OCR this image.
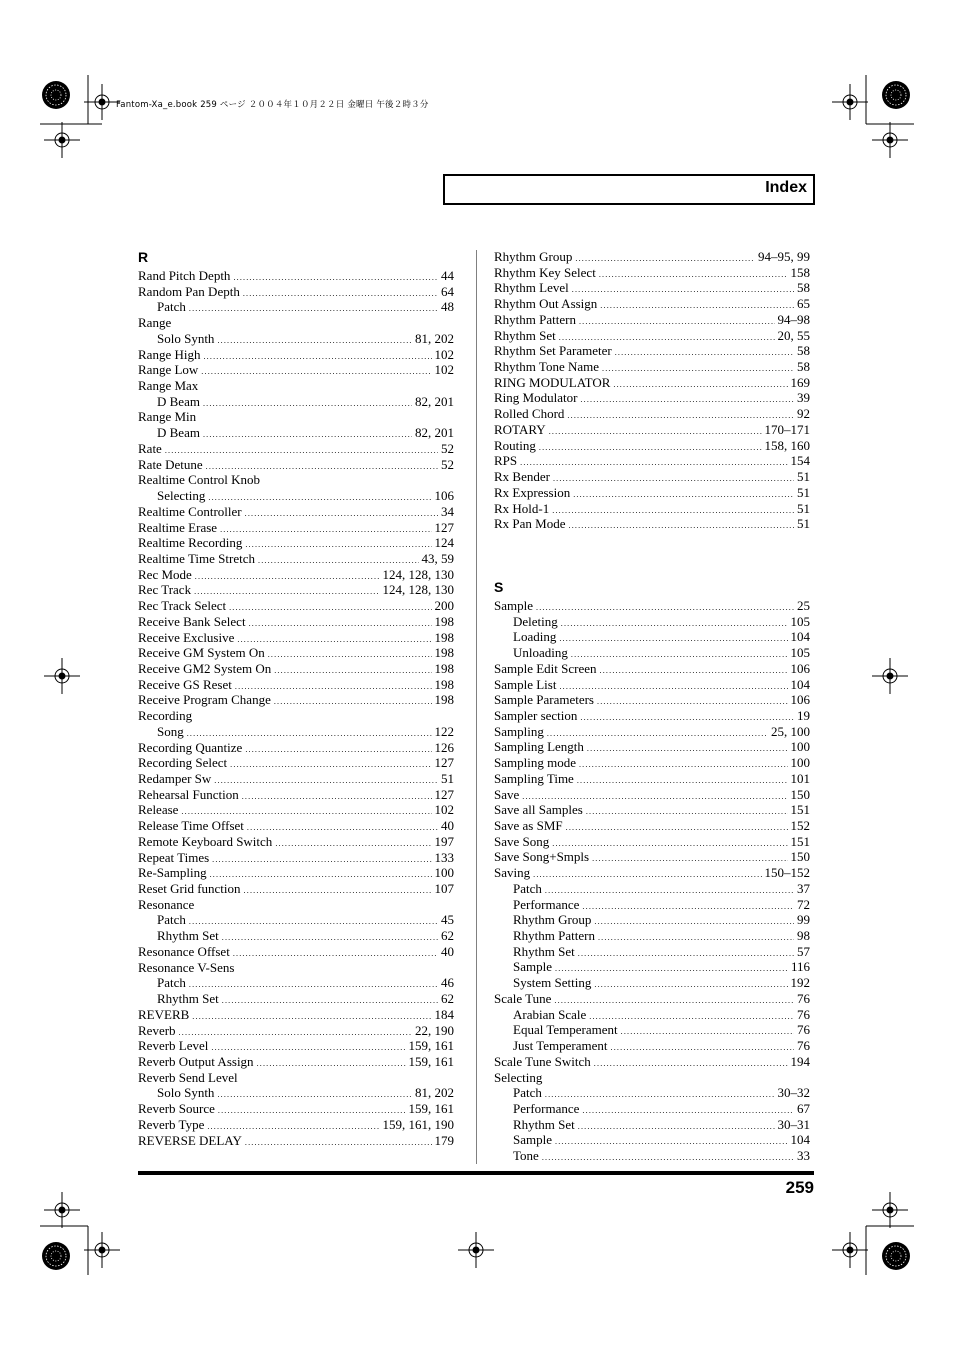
Fantom-Xa_e.book 259 ページ ２００４年１０月２２日 金曜日 午後２時３分
Index
R
Rand Pitch Depth .....	44
Random Pan Depth .....	64
Patch .....	48
Range
Solo Synth .....	81, 202
Range High .....	102
Range Low .....	102
Range Max
D Beam .....	82, 201
Range Min
D Beam .....	82, 201
Rate .....	52
Rate Detune .....	52
Realtime Control Knob
Selecting .....	106
Realtime Controller .....	34
Realtime Erase .....	127
Realtime Recording .....	124
Realtime Time Stretch .....	43, 59
Rec Mode .....	124, 128, 130
Rec Track .....	124, 128, 130
Rec Track Select .....	200
Receive Bank Select .....	198
Receive Exclusive .....	198
Receive GM System On .....	198
Receive GM2 System On .....	198
Receive GS Reset .....	198
Receive Program Change .....	198
Recording
Song .....	122
Recording Quantize .....	126
Recording Select .....	127
Redamper Sw .....	51
Rehearsal Function .....	127
Release .....	102
Release Time Offset .....	40
Remote Keyboard Switch .....	197
Repeat Times .....	133
Re-Sampling .....	100
Reset Grid function .....	107
Resonance
Patch .....	45
Rhythm Set .....	62
Resonance Offset .....	40
Resonance V-Sens
Patch .....	46
Rhythm Set .....	62
REVERB .....	184
Reverb .....	22, 190
Reverb Level .....	159, 161
Reverb Output Assign .....	159, 161
Reverb Send Level
Solo Synth .....	81, 202
Reverb Source .....	159, 161
Reverb Type .....	159, 161, 190
REVERSE DELAY .....	179
Rhythm Group .....	94–95, 99
Rhythm Key Select .....	158
Rhythm Level .....	58
Rhythm Out Assign .....	65
Rhythm Pattern .....	94–98
Rhythm Set .....	20, 55
Rhythm Set Parameter .....	58
Rhythm Tone Name .....	58
RING MODULATOR .....	169
Ring Modulator .....	39
Rolled Chord .....	92
ROTARY .....	170–171
Routing .....	158, 160
RPS .....	154
Rx Bender .....	51
Rx Expression .....	51
Rx Hold-1 .....	51
Rx Pan Mode .....	51
S
Sample .....	25
Deleting .....	105
Loading .....	104
Unloading .....	105
Sample Edit Screen .....	106
Sample List .....	104
Sample Parameters .....	106
Sampler section .....	19
Sampling .....	25, 100
Sampling Length .....	100
Sampling mode .....	100
Sampling Time .....	101
Save .....	150
Save all Samples .....	151
Save as SMF .....	152
Save Song .....	151
Save Song+Smpls .....	150
Saving .....	150–152
Patch .....	37
Performance .....	72
Rhythm Group .....	99
Rhythm Pattern .....	98
Rhythm Set .....	57
Sample .....	116
System Setting .....	192
Scale Tune .....	76
Arabian Scale .....	76
Equal Temperament .....	76
Just Temperament .....	76
Scale Tune Switch .....	194
Selecting
Patch .....	30–32
Performance .....	67
Rhythm Set .....	30–31
Sample .....	104
Tone .....	33
259
